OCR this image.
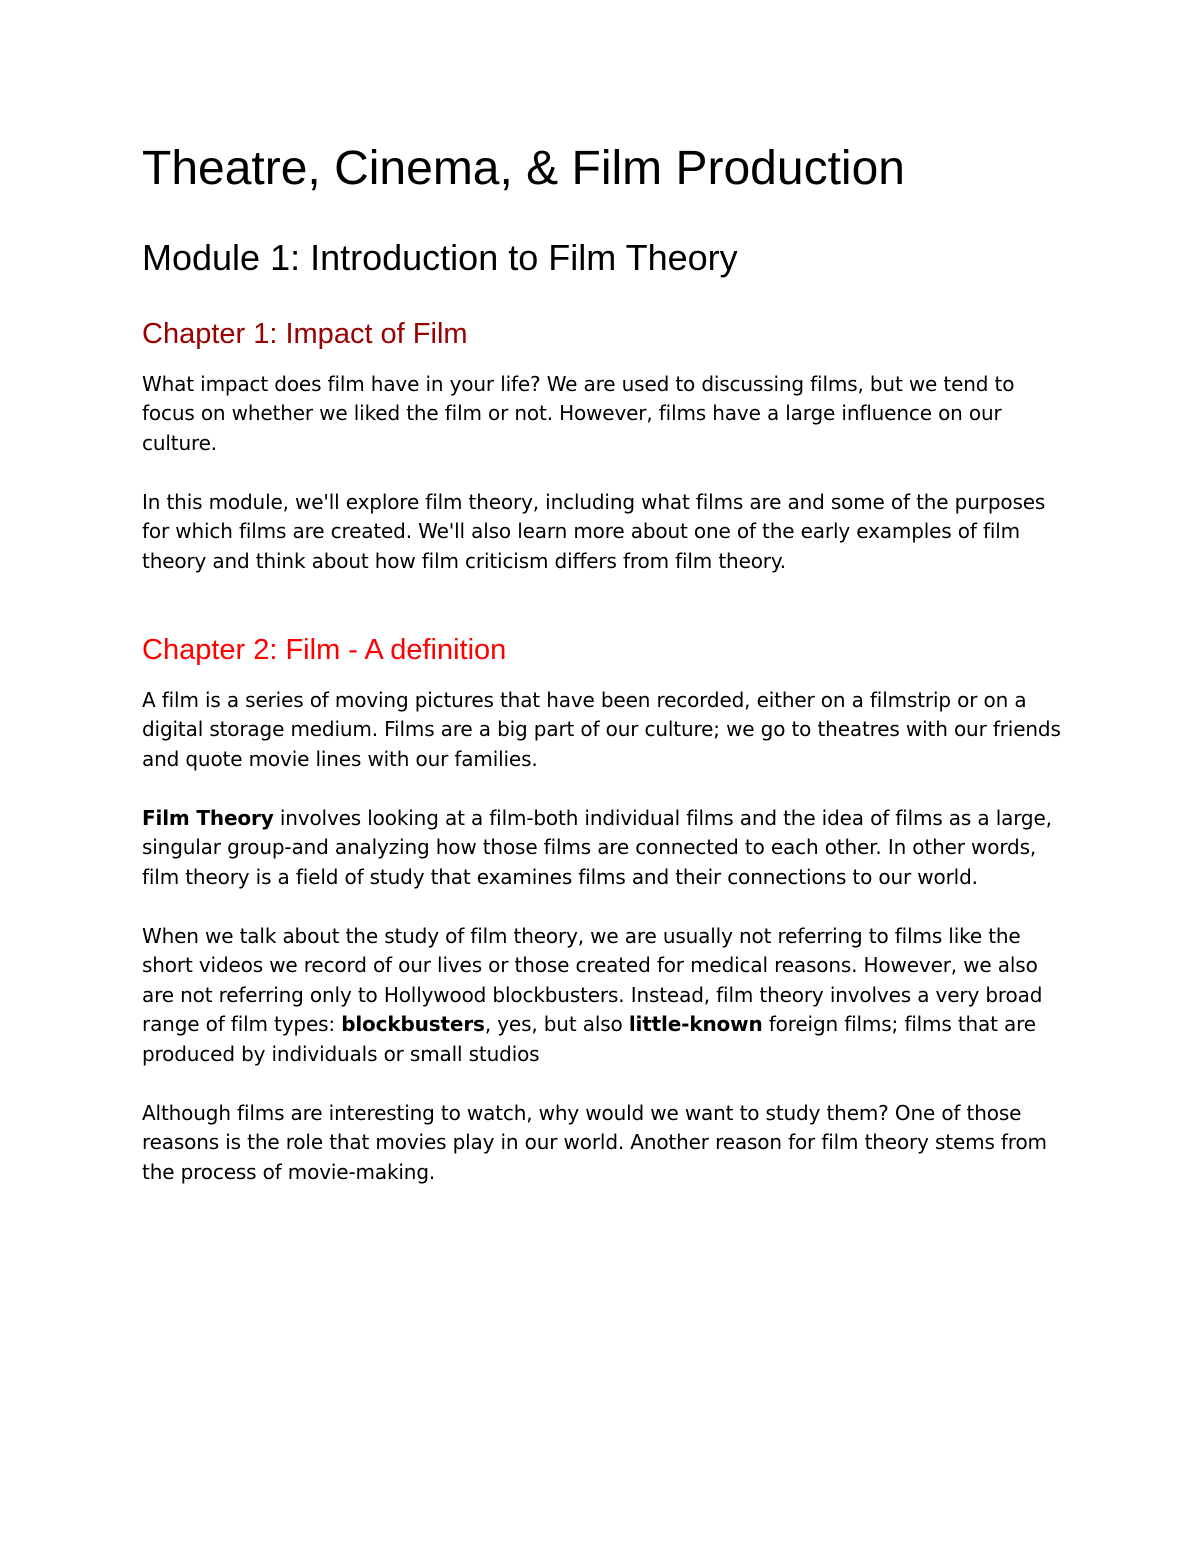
Theatre, Cinema, & Film Production
Module 1: Introduction to Film Theory
Chapter 1: Impact of Film

What impact does film have in your life? We are used to discussing films, but we tend to focus on whether we liked the film or not. However, films have a large influence on our culture.

In this module, we'll explore film theory, including what films are and some of the purposes for which films are created. We'll also learn more about one of the early examples of film theory and think about how film criticism differs from film theory.

Chapter 2: Film - A definition

A film is a series of moving pictures that have been recorded, either on a filmstrip or on a digital storage medium. Films are a big part of our culture; we go to theatres with our friends and quote movie lines with our families.

Film Theory involves looking at a film-both individual films and the idea of films as a large, singular group-and analyzing how those films are connected to each other. In other words, film theory is a field of study that examines films and their connections to our world.

When we talk about the study of film theory, we are usually not referring to films like the short videos we record of our lives or those created for medical reasons. However, we also are not referring only to Hollywood blockbusters. Instead, film theory involves a very broad range of film types: blockbusters, yes, but also little-known foreign films; films that are produced by individuals or small studios

Although films are interesting to watch, why would we want to study them? One of those reasons is the role that movies play in our world. Another reason for film theory stems from the process of movie-making.
